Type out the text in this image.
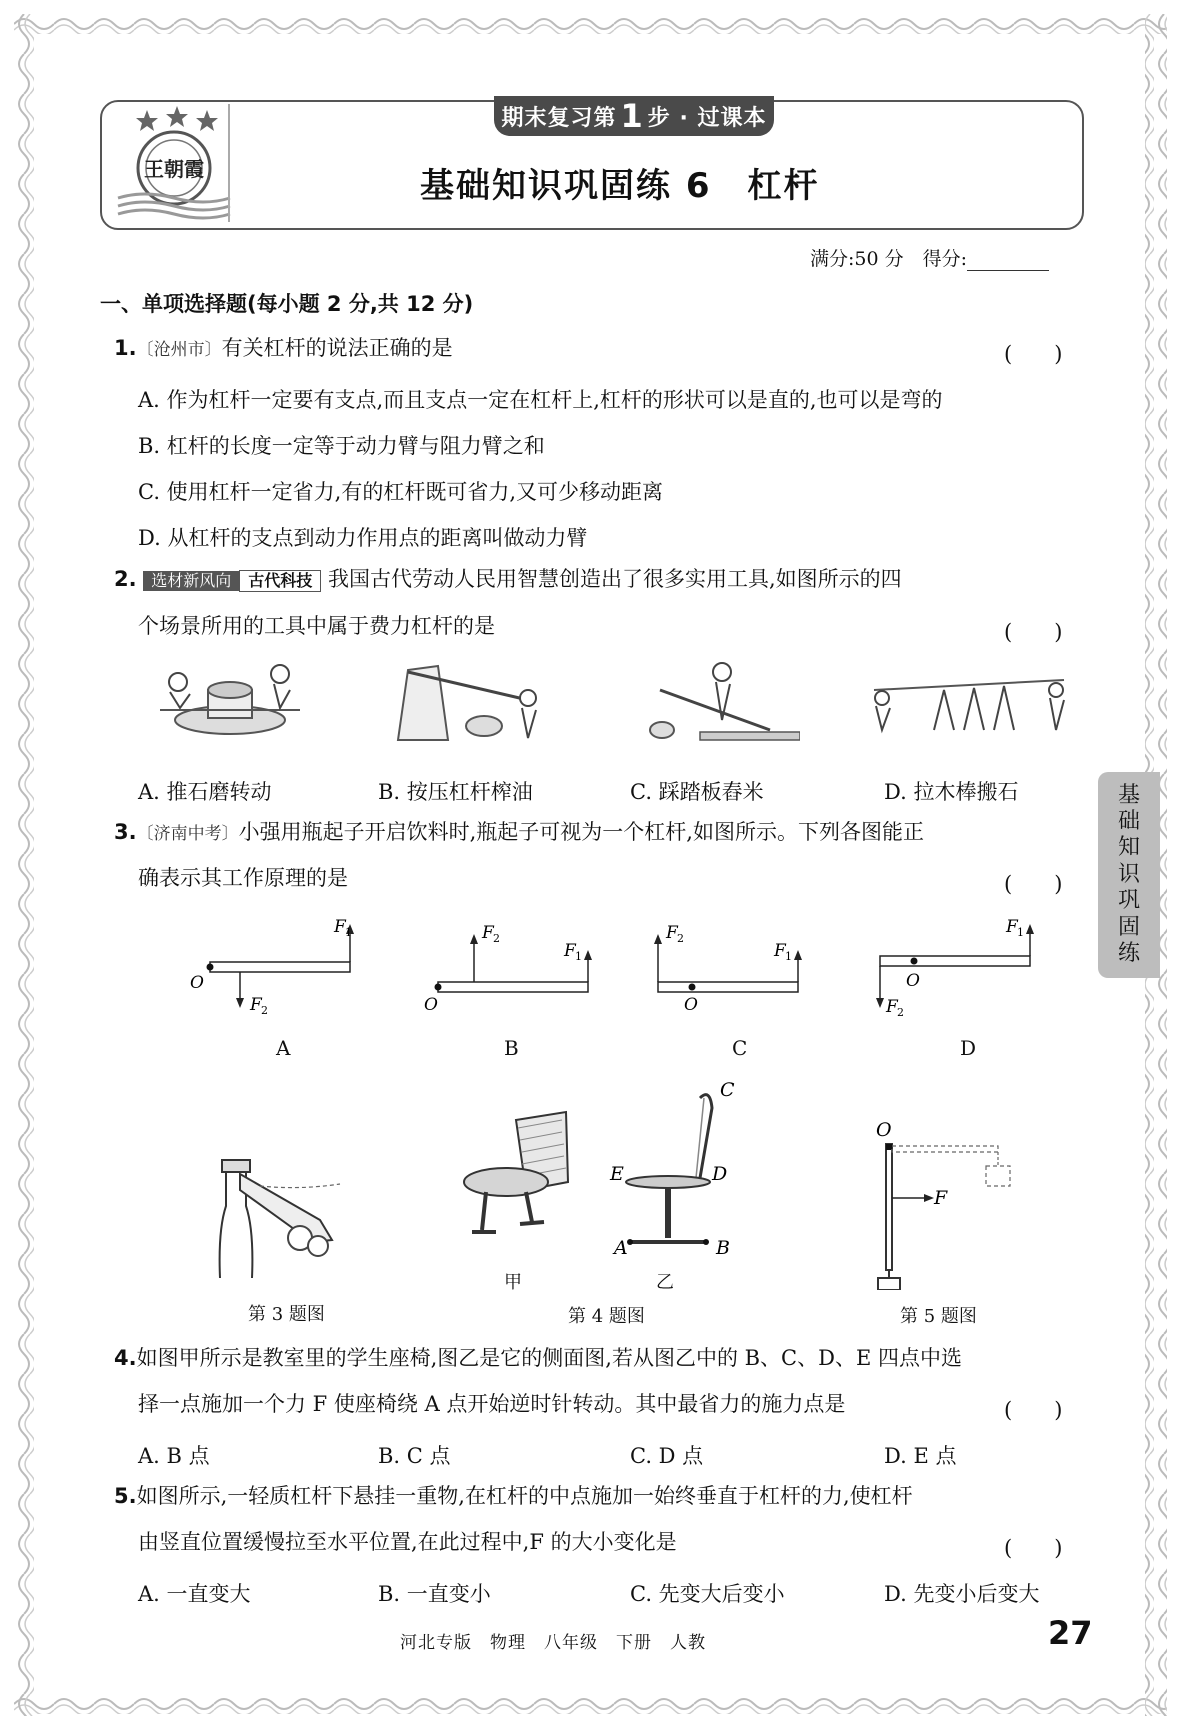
王朝霞
期末复习第 1 步 · 过课本
基础知识巩固练 6　杠杆
满分:50 分　得分:
一、单项选择题(每小题 2 分,共 12 分)
1.〔沧州市〕有关杠杆的说法正确的是	(　　)
A. 作为杠杆一定要有支点,而且支点一定在杠杆上,杠杆的形状可以是直的,也可以是弯的
B. 杠杆的长度一定等于动力臂与阻力臂之和
C. 使用杠杆一定省力,有的杠杆既可省力,又可少移动距离
D. 从杠杆的支点到动力作用点的距离叫做动力臂
2. 选材新风向 古代科技 我国古代劳动人民用智慧创造出了很多实用工具,如图所示的四
个场景所用的工具中属于费力杠杆的是	(　　)
A. 推石磨转动	B. 按压杠杆榨油	C. 踩踏板舂米	D. 拉木棒搬石
3.〔济南中考〕小强用瓶起子开启饮料时,瓶起子可视为一个杠杆,如图所示。下列各图能正
确表示其工作原理的是	(　　)
O
F 1
F 2	O
F 2
F 1
O
F 2
F 1
O
F 1
F 2
A	B	C	D
第 3 题图
甲
C
E	D
A	B
乙
第 4 题图
O
F
第 5 题图
4.如图甲所示是教室里的学生座椅,图乙是它的侧面图,若从图乙中的 B、C、D、E 四点中选
择一点施加一个力 F 使座椅绕 A 点开始逆时针转动。其中最省力的施力点是	(　　)
A. B 点	B. C 点	C. D 点	D. E 点
5.如图所示,一轻质杠杆下悬挂一重物,在杠杆的中点施加一始终垂直于杠杆的力,使杠杆
由竖直位置缓慢拉至水平位置,在此过程中,F 的大小变化是	(　　)
A. 一直变大	B. 一直变小	C. 先变大后变小	D. 先变小后变大
基
础
知
识
巩
固
练
河北专版　物理　八年级　下册　人教	27
